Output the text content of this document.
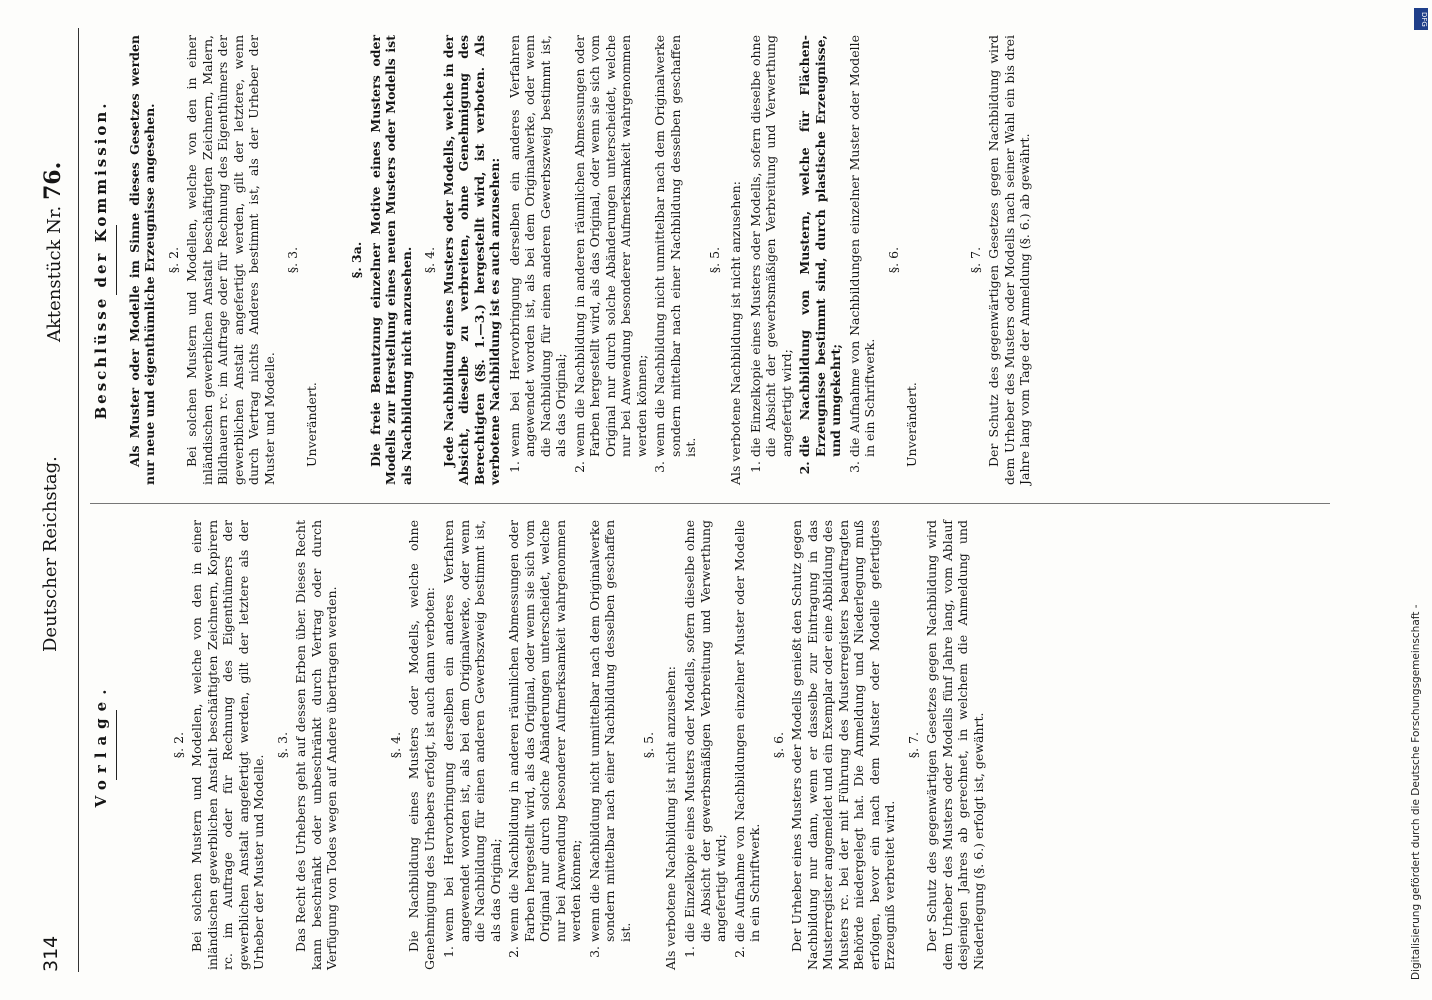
314
Deutscher Reichstag.
Aktenstück Nr. 76.
Vorlage.	§. 2. Bei solchen Mustern und Modellen, welche von den in einer inländischen gewerblichen Anstalt beschäftigten Zeichnern, Kopirern rc. im Auftrage oder für Rechnung des Eigenthümers der gewerblichen Anstalt angefertigt werden, gilt der letztere als der Urheber der Muster und Modelle.

§. 3. Das Recht des Urhebers geht auf dessen Erben über. Dieses Recht kann beschränkt oder unbeschränkt durch Vertrag oder durch Verfügung von Todes wegen auf Andere übertragen werden.	§. 4. Die Nachbildung eines Musters oder Modells, welche ohne Genehmigung des Urhebers erfolgt, ist auch dann verboten: 1. wenn bei Hervorbringung derselben ein anderes Verfahren angewendet worden ist, als bei dem Originalwerke, oder wenn die Nachbildung für einen anderen Gewerbszweig bestimmt ist, als das Original; 2. wenn die Nachbildung in anderen räumlichen Abmessungen oder Farben hergestellt wird, als das Original, oder wenn sie sich vom Original nur durch solche Abänderungen unterscheidet, welche nur bei Anwendung besonderer Aufmerksamkeit wahrgenommen werden können; 3. wenn die Nachbildung nicht unmittelbar nach dem Originalwerke sondern mittelbar nach einer Nachbildung desselben geschaffen ist.
§. 5. Als verbotene Nachbildung ist nicht anzusehen: 1. die Einzelkopie eines Musters oder Modells, sofern dieselbe ohne die Absicht der gewerbsmäßigen Verbreitung und Verwerthung angefertigt wird; 2. die Aufnahme von Nachbildungen einzelner Muster oder Modelle in ein Schriftwerk.
§. 6. Der Urheber eines Musters oder Modells genießt den Schutz gegen Nachbildung nur dann, wenn er dasselbe zur Eintragung in das Musterregister angemeldet und ein Exemplar oder eine Abbildung des Musters rc. bei der mit Führung des Musterregisters beauftragten Behörde niedergelegt hat. Die Anmeldung und Niederlegung muß erfolgen, bevor ein nach dem Muster oder Modelle gefertigtes Erzeugniß verbreitet wird.

§. 7. Der Schutz des gegenwärtigen Gesetzes gegen Nachbildung wird dem Urheber des Musters oder Modells fünf Jahre lang, vom Ablauf desjenigen Jahres ab gerechnet, in welchem die Anmeldung und Niederlegung (§. 6.) erfolgt ist, gewährt.

Beschlüsse der Kommission. Als Muster oder Modelle im Sinne dieses Gesetzes werden nur neue und eigenthümliche Erzeugnisse angesehen. §. 2. Bei solchen Mustern und Modellen, welche von den in einer inländischen gewerblichen Anstalt beschäftigten Zeichnern, Malern, Bildhauern rc. im Auftrage oder für Rechnung des Eigenthümers der gewerblichen Anstalt angefertigt werden, gilt der letztere, wenn durch Vertrag nichts Anderes bestimmt ist, als der Urheber der Muster und Modelle.

§. 3.

Unverändert.

§. 3a. Die freie Benutzung einzelner Motive eines Musters oder Modells zur Herstellung eines neuen Musters oder Modells ist als Nachbildung nicht anzusehen. §. 4. Jede Nachbildung eines Musters oder Modells, welche in der Absicht, dieselbe zu verbreiten, ohne Genehmigung des Berechtigten (§§. 1.—3.) hergestellt wird, ist verboten. Als verbotene Nachbildung ist es auch anzusehen: 1. wenn bei Hervorbringung derselben ein anderes Verfahren angewendet worden ist, als bei dem Originalwerke, oder wenn die Nachbildung für einen anderen Gewerbszweig bestimmt ist, als das Original; 2. wenn die Nachbildung in anderen räumlichen Abmessungen oder Farben hergestellt wird, als das Original, oder wenn sie sich vom Original nur durch solche Abänderungen unterscheidet, welche nur bei Anwendung besonderer Aufmerksamkeit wahrgenommen werden können; 3. wenn die Nachbildung nicht unmittelbar nach dem Originalwerke sondern mittelbar nach einer Nachbildung desselben geschaffen ist.
§. 5. Als verbotene Nachbildung ist nicht anzusehen: 1. die Einzelkopie eines Musters oder Modells, sofern dieselbe ohne die Absicht der gewerbsmäßigen Verbreitung und Verwerthung angefertigt wird; 2. die Nachbildung von Mustern, welche für Flächen-Erzeugnisse bestimmt sind, durch plastische Erzeugnisse, und umgekehrt; 3. die Aufnahme von Nachbildungen einzelner Muster oder Modelle in ein Schriftwerk.
§. 6.

Unverändert.

§. 7. Der Schutz des gegenwärtigen Gesetzes gegen Nachbildung wird dem Urheber des Musters oder Modells nach seiner Wahl ein bis drei Jahre lang vom Tage der Anmeldung (§. 6.) ab gewährt.

Digitalisierung gefördert durch die Deutsche Forschungsgemeinschaft -
DFG
